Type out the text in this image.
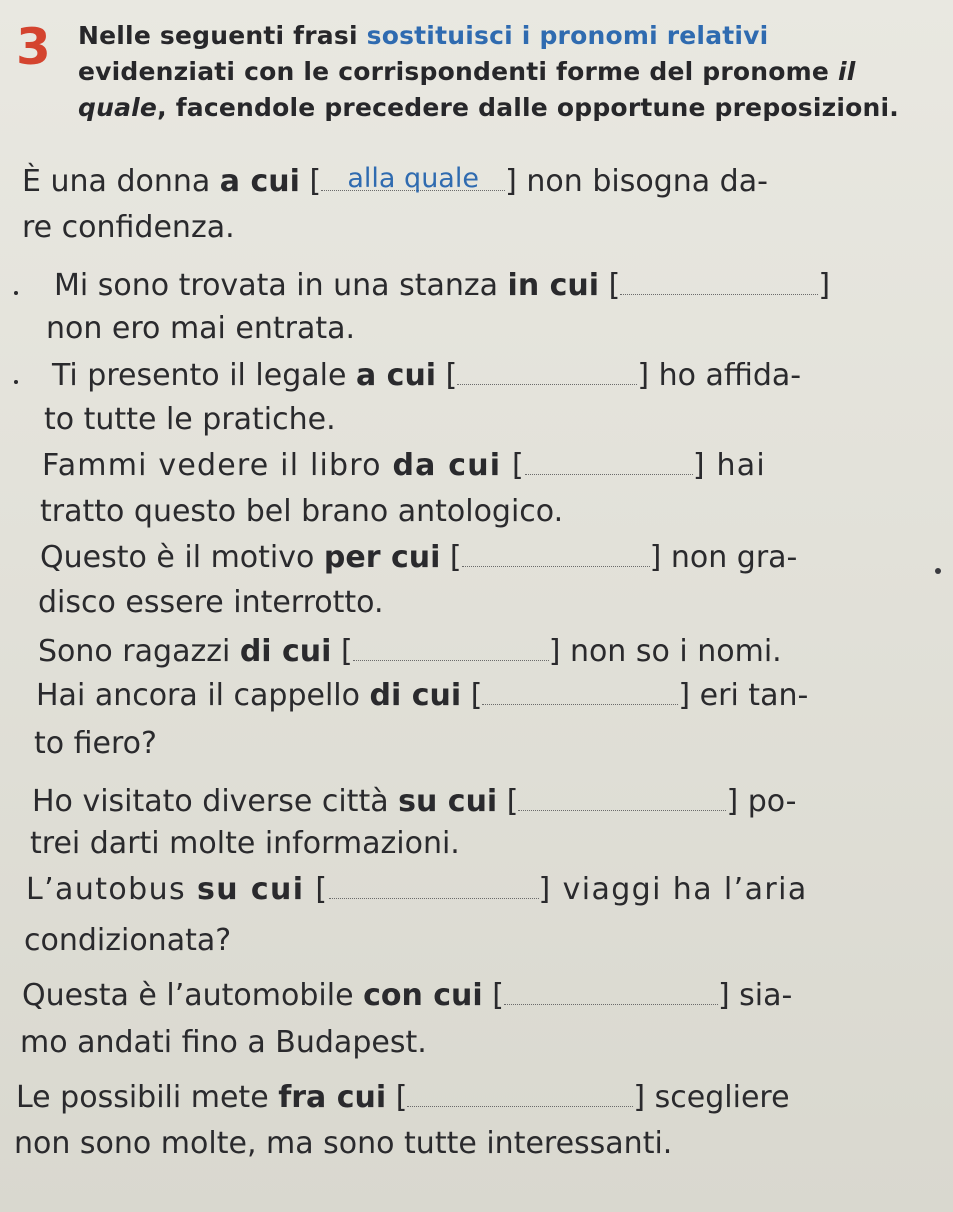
3 Nelle seguenti frasi sostituisci i pronomi relativi evidenziati con le corrispondenti forme del pronome il quale, facendole precedere dalle opportune preposizioni.
È una donna a cui [ alla quale ] non bisogna da-
re confidenza.
Mi sono trovata in una stanza in cui [	]
non ero mai entrata.
Ti presento il legale a cui [	] ho affida-
to tutte le pratiche.
Fammi vedere il libro da cui [	] hai
tratto questo bel brano antologico.
Questo è il motivo per cui [	] non gra-
disco essere interrotto.
Sono ragazzi di cui [	] non so i nomi.
Hai ancora il cappello di cui [	] eri tan-
to fiero?
Ho visitato diverse città su cui [	] po-
trei darti molte informazioni.
L’autobus su cui [	] viaggi ha l’aria
condizionata?
Questa è l’automobile con cui [	] sia-
mo andati fino a Budapest.
Le possibili mete fra cui [	] scegliere
non sono molte, ma sono tutte interessanti.
